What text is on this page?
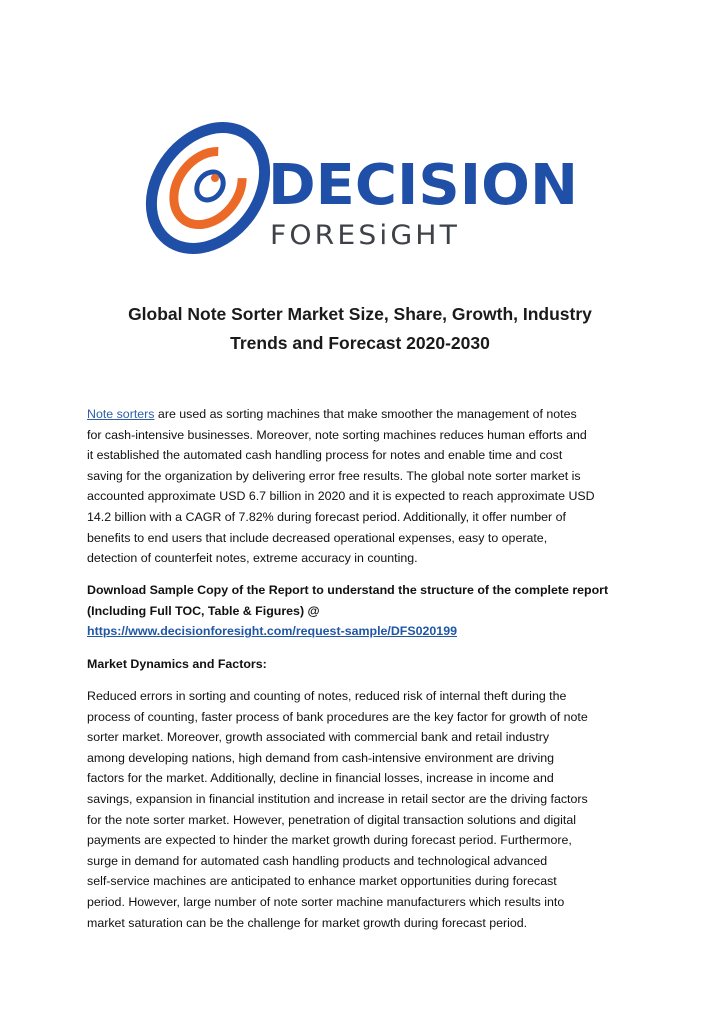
DECISION
FORESiGHT
Global Note Sorter Market Size, Share, Growth, Industry
Trends and Forecast 2020-2030
Note sorters are used as sorting machines that make smoother the management of notes
for cash-intensive businesses. Moreover, note sorting machines reduces human efforts and
it established the automated cash handling process for notes and enable time and cost
saving for the organization by delivering error free results. The global note sorter market is
accounted approximate USD 6.7 billion in 2020 and it is expected to reach approximate USD
14.2 billion with a CAGR of 7.82% during forecast period. Additionally, it offer number of
benefits to end users that include decreased operational expenses, easy to operate,
detection of counterfeit notes, extreme accuracy in counting.
Download Sample Copy of the Report to understand the structure of the complete report
(Including Full TOC, Table & Figures) @
https://www.decisionforesight.com/request-sample/DFS020199
Market Dynamics and Factors:
Reduced errors in sorting and counting of notes, reduced risk of internal theft during the
process of counting, faster process of bank procedures are the key factor for growth of note
sorter market. Moreover, growth associated with commercial bank and retail industry
among developing nations, high demand from cash-intensive environment are driving
factors for the market. Additionally, decline in financial losses, increase in income and
savings, expansion in financial institution and increase in retail sector are the driving factors
for the note sorter market. However, penetration of digital transaction solutions and digital
payments are expected to hinder the market growth during forecast period. Furthermore,
surge in demand for automated cash handling products and technological advanced
self-service machines are anticipated to enhance market opportunities during forecast
period. However, large number of note sorter machine manufacturers which results into
market saturation can be the challenge for market growth during forecast period.
